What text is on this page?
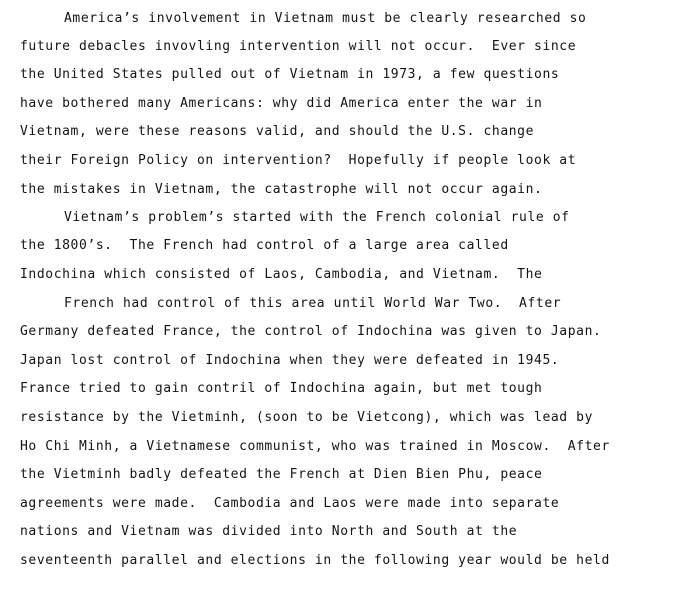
America’s involvement in Vietnam must be clearly researched so
future debacles invovling intervention will not occur.  Ever since
the United States pulled out of Vietnam in 1973, a few questions
have bothered many Americans: why did America enter the war in
Vietnam, were these reasons valid, and should the U.S. change
their Foreign Policy on intervention?  Hopefully if people look at
the mistakes in Vietnam, the catastrophe will not occur again.
Vietnam’s problem’s started with the French colonial rule of
the 1800’s.  The French had control of a large area called
Indochina which consisted of Laos, Cambodia, and Vietnam.  The
French had control of this area until World War Two.  After
Germany defeated France, the control of Indochina was given to Japan.
Japan lost control of Indochina when they were defeated in 1945.
France tried to gain contril of Indochina again, but met tough
resistance by the Vietminh, (soon to be Vietcong), which was lead by
Ho Chi Minh, a Vietnamese communist, who was trained in Moscow.  After
the Vietminh badly defeated the French at Dien Bien Phu, peace
agreements were made.  Cambodia and Laos were made into separate
nations and Vietnam was divided into North and South at the
seventeenth parallel and elections in the following year would be held
